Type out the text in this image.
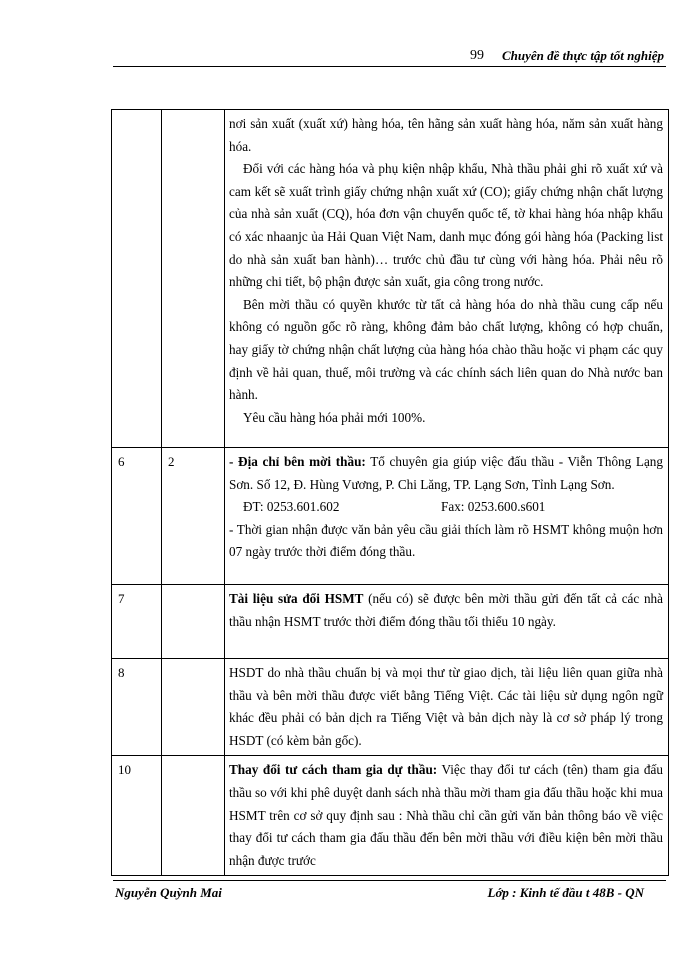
99 Chuyên đề thực tập tốt nghiệp

		nơi sản xuất (xuất xứ) hàng hóa, tên hãng sản xuất hàng hóa, năm sản xuất hàng hóa.

Đối với các hàng hóa và phụ kiện nhập khẩu, Nhà thầu phải ghi rõ xuất xứ và cam kết sẽ xuất trình giấy chứng nhận xuất xứ (CO); giấy chứng nhận chất lượng của nhà sản xuất (CQ), hóa đơn vận chuyển quốc tế, tờ khai hàng hóa nhập khẩu có xác nhaanjc ủa Hải Quan Việt Nam, danh mục đóng gói hàng hóa (Packing list do nhà sản xuất ban hành)… trước chủ đầu tư cùng với hàng hóa. Phải nêu rõ những chi tiết, bộ phận được sản xuất, gia công trong nước.

Bên mời thầu có quyền khước từ tất cả hàng hóa do nhà thầu cung cấp nếu không có nguồn gốc rõ ràng, không đảm bảo chất lượng, không có hợp chuẩn, hay giấy tờ chứng nhận chất lượng của hàng hóa chào thầu hoặc vi phạm các quy định về hải quan, thuế, môi trường và các chính sách liên quan do Nhà nước ban hành.

Yêu cầu hàng hóa phải mới 100%.

6	2	- Địa chỉ bên mời thầu: Tổ chuyên gia giúp việc đấu thầu - Viễn Thông Lạng Sơn. Số 12, Đ. Hùng Vương, P. Chi Lăng, TP. Lạng Sơn, Tỉnh Lạng Sơn.

ĐT: 0253.601.602 Fax: 0253.600.s601

- Thời gian nhận được văn bản yêu cầu giải thích làm rõ HSMT không muộn hơn 07 ngày trước thời điểm đóng thầu.

7		Tài liệu sửa đổi HSMT (nếu có) sẽ được bên mời thầu gửi đến tất cả các nhà thầu nhận HSMT trước thời điểm đóng thầu tối thiểu 10 ngày.

8		HSDT do nhà thầu chuẩn bị và mọi thư từ giao dịch, tài liệu liên quan giữa nhà thầu và bên mời thầu được viết bằng Tiếng Việt. Các tài liệu sử dụng ngôn ngữ khác đều phải có bản dịch ra Tiếng Việt và bản dịch này là cơ sở pháp lý trong HSDT (có kèm bản gốc).

10		Thay đổi tư cách tham gia dự thầu: Việc thay đổi tư cách (tên) tham gia đấu thầu so với khi phê duyệt danh sách nhà thầu mời tham gia đấu thầu hoặc khi mua HSMT trên cơ sở quy định sau : Nhà thầu chỉ cần gửi văn bản thông báo về việc thay đổi tư cách tham gia đấu thầu đến bên mời thầu với điều kiện bên mời thầu nhận được trước

Nguyễn Quỳnh Mai	Lớp : Kinh tế đầu t 48B - QN
